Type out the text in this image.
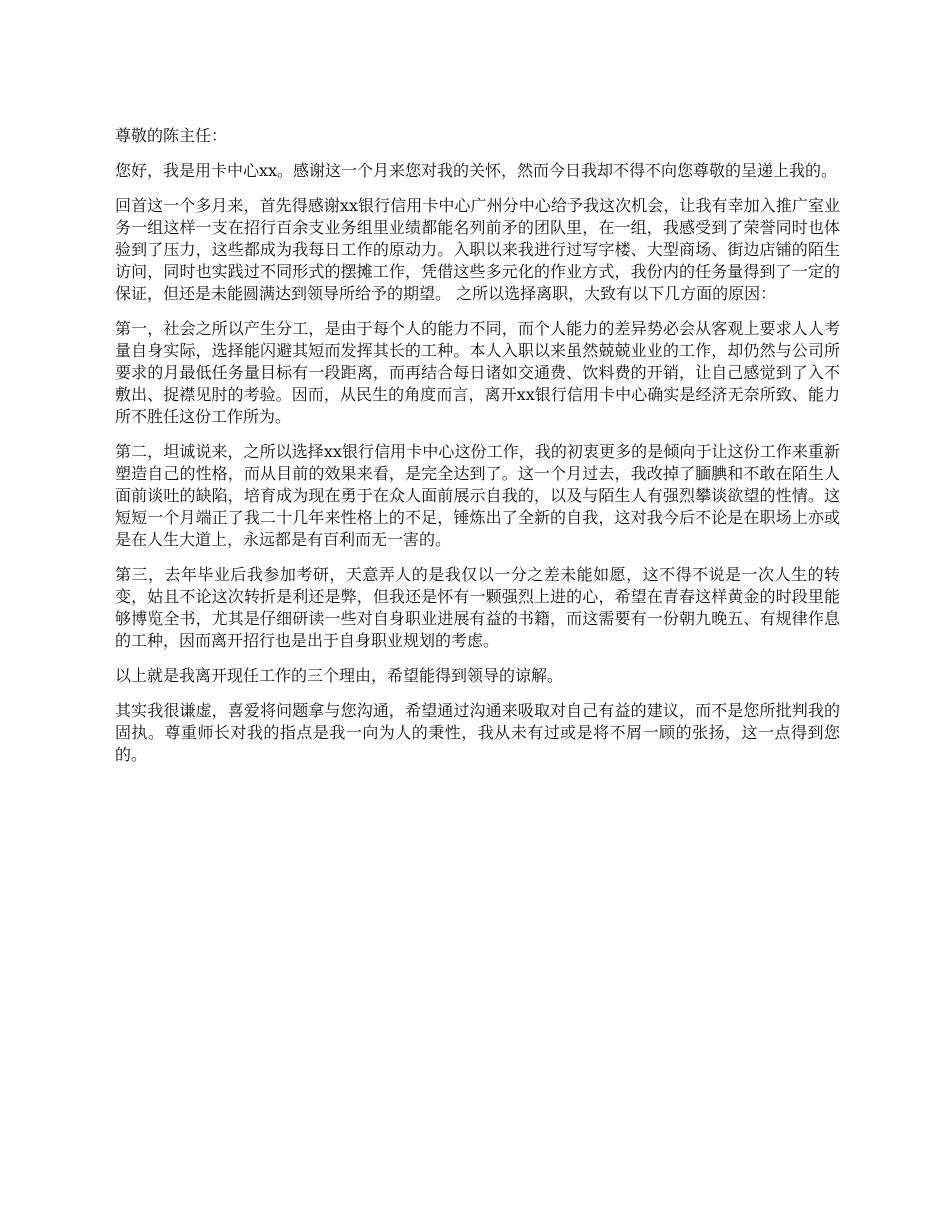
尊敬的陈主任：

您好，我是用卡中心xx。感谢这一个月来您对我的关怀，然而今日我却不得不向您尊敬的呈递上我的。

回首这一个多月来，首先得感谢xx银行信用卡中心广州分中心给予我这次机会，让我有幸加入推广室业务一组这样一支在招行百余支业务组里业绩都能名列前矛的团队里，在一组，我感受到了荣誉同时也体验到了压力，这些都成为我每日工作的原动力。入职以来我进行过写字楼、大型商场、街边店铺的陌生访问，同时也实践过不同形式的摆摊工作，凭借这些多元化的作业方式，我份内的任务量得到了一定的保证，但还是未能圆满达到领导所给予的期望。 之所以选择离职，大致有以下几方面的原因：

第一，社会之所以产生分工，是由于每个人的能力不同，而个人能力的差异势必会从客观上要求人人考量自身实际，选择能闪避其短而发挥其长的工种。本人入职以来虽然兢兢业业的工作，却仍然与公司所要求的月最低任务量目标有一段距离，而再结合每日诸如交通费、饮料费的开销，让自己感觉到了入不敷出、捉襟见肘的考验。因而，从民生的角度而言，离开xx银行信用卡中心确实是经济无奈所致、能力所不胜任这份工作所为。

第二，坦诚说来，之所以选择xx银行信用卡中心这份工作，我的初衷更多的是倾向于让这份工作来重新塑造自己的性格，而从目前的效果来看，是完全达到了。这一个月过去，我改掉了腼腆和不敢在陌生人面前谈吐的缺陷，培育成为现在勇于在众人面前展示自我的，以及与陌生人有强烈攀谈欲望的性情。这短短一个月端正了我二十几年来性格上的不足，锤炼出了全新的自我，这对我今后不论是在职场上亦或是在人生大道上，永远都是有百利而无一害的。

第三，去年毕业后我参加考研，天意弄人的是我仅以一分之差未能如愿，这不得不说是一次人生的转变，姑且不论这次转折是利还是弊，但我还是怀有一颗强烈上进的心，希望在青春这样黄金的时段里能够博览全书，尤其是仔细研读一些对自身职业进展有益的书籍，而这需要有一份朝九晚五、有规律作息的工种，因而离开招行也是出于自身职业规划的考虑。

以上就是我离开现任工作的三个理由，希望能得到领导的谅解。

其实我很谦虚，喜爱将问题拿与您沟通，希望通过沟通来吸取对自己有益的建议，而不是您所批判我的固执。尊重师长对我的指点是我一向为人的秉性，我从未有过或是将不屑一顾的张扬，这一点得到您的。
